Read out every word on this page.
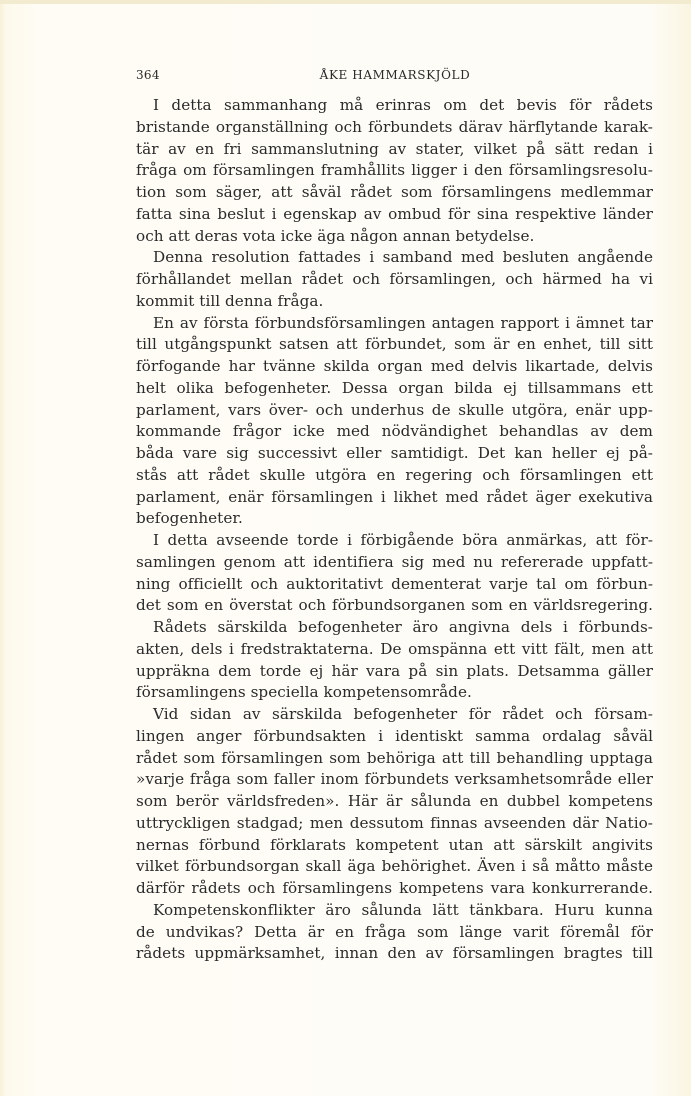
364	ÅKE HAMMARSKJÖLD
I detta sammanhang må erinras om det bevis för rådets
bristande organställning och förbundets därav härflytande karak-
tär av en fri sammanslutning av stater, vilket på sätt redan i
fråga om församlingen framhållits ligger i den församlingsresolu-
tion som säger, att såväl rådet som församlingens medlemmar
fatta sina beslut i egenskap av ombud för sina respektive länder
och att deras vota icke äga någon annan betydelse.
Denna resolution fattades i samband med besluten angående
förhållandet mellan rådet och församlingen, och härmed ha vi
kommit till denna fråga.
En av första förbundsförsamlingen antagen rapport i ämnet tar
till utgångspunkt satsen att förbundet, som är en enhet, till sitt
förfogande har tvänne skilda organ med delvis likartade, delvis
helt olika befogenheter. Dessa organ bilda ej tillsammans ett
parlament, vars över- och underhus de skulle utgöra, enär upp-
kommande frågor icke med nödvändighet behandlas av dem
båda vare sig successivt eller samtidigt. Det kan heller ej på-
stås att rådet skulle utgöra en regering och församlingen ett
parlament, enär församlingen i likhet med rådet äger exekutiva
befogenheter.
I detta avseende torde i förbigående böra anmärkas, att för-
samlingen genom att identifiera sig med nu refererade uppfatt-
ning officiellt och auktoritativt dementerat varje tal om förbun-
det som en överstat och förbundsorganen som en världsregering.
Rådets särskilda befogenheter äro angivna dels i förbunds-
akten, dels i fredstraktaterna. De omspänna ett vitt fält, men att
uppräkna dem torde ej här vara på sin plats. Detsamma gäller
församlingens speciella kompetensområde.
Vid sidan av särskilda befogenheter för rådet och försam-
lingen anger förbundsakten i identiskt samma ordalag såväl
rådet som församlingen som behöriga att till behandling upptaga
»varje fråga som faller inom förbundets verksamhetsområde eller
som berör världsfreden». Här är sålunda en dubbel kompetens
uttryckligen stadgad; men dessutom finnas avseenden där Natio-
nernas förbund förklarats kompetent utan att särskilt angivits
vilket förbundsorgan skall äga behörighet. Även i så måtto måste
därför rådets och församlingens kompetens vara konkurrerande.
Kompetenskonflikter äro sålunda lätt tänkbara. Huru kunna
de undvikas? Detta är en fråga som länge varit föremål för
rådets uppmärksamhet, innan den av församlingen bragtes till
